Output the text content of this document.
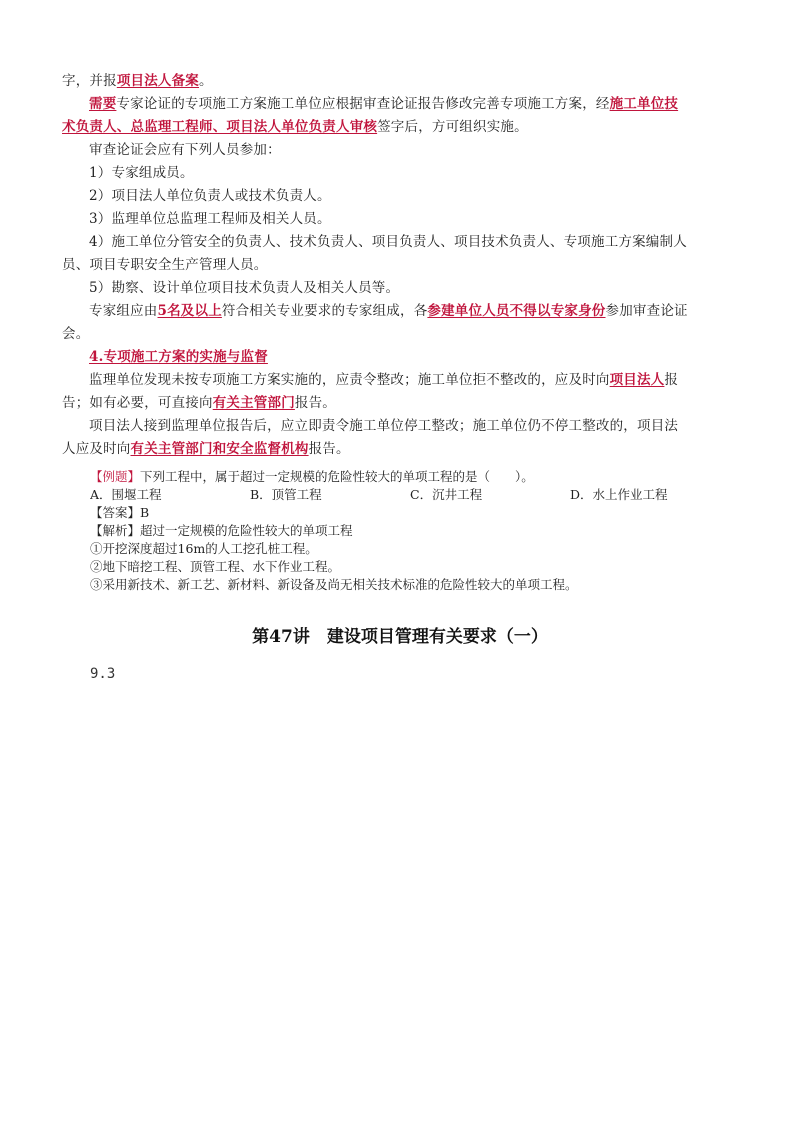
字，并报项目法人备案。
需要专家论证的专项施工方案施工单位应根据审查论证报告修改完善专项施工方案，经施工单位技
术负责人、总监理工程师、项目法人单位负责人审核签字后，方可组织实施。
审查论证会应有下列人员参加：
1）专家组成员。
2）项目法人单位负责人或技术负责人。
3）监理单位总监理工程师及相关人员。
4）施工单位分管安全的负责人、技术负责人、项目负责人、项目技术负责人、专项施工方案编制人
员、项目专职安全生产管理人员。
5）勘察、设计单位项目技术负责人及相关人员等。
专家组应由5名及以上符合相关专业要求的专家组成，各参建单位人员不得以专家身份参加审查论证
会。
4.专项施工方案的实施与监督
监理单位发现未按专项施工方案实施的，应责令整改；施工单位拒不整改的，应及时向项目法人报
告；如有必要，可直接向有关主管部门报告。
项目法人接到监理单位报告后，应立即责令施工单位停工整改；施工单位仍不停工整改的，项目法
人应及时向有关主管部门和安全监督机构报告。
【例题】下列工程中，属于超过一定规模的危险性较大的单项工程的是（　　）。
A．围堰工程	B．顶管工程	C．沉井工程	D．水上作业工程
【答案】B
【解析】超过一定规模的危险性较大的单项工程
①开挖深度超过16m的人工挖孔桩工程。
②地下暗挖工程、顶管工程、水下作业工程。
③采用新技术、新工艺、新材料、新设备及尚无相关技术标准的危险性较大的单项工程。
第47讲　建设项目管理有关要求（一）
9.3
